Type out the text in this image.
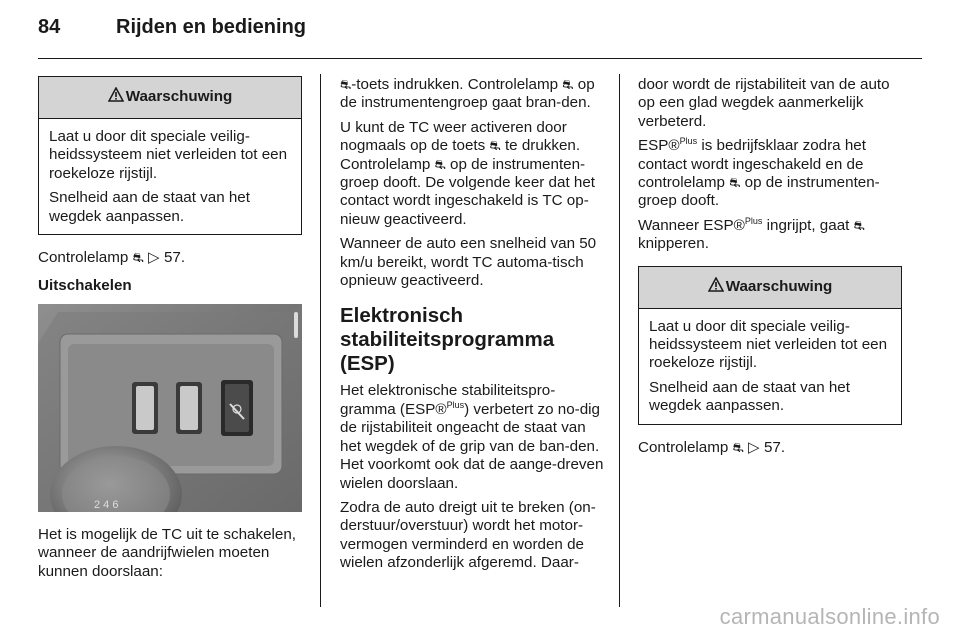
84	Rijden en bediening
Waarschuwing

Laat u door dit speciale veilig-heidssysteem niet verleiden tot een roekeloze rijstijl.

Snelheid aan de staat van het wegdek aanpassen.

Controlelamp ⛐ ▷ 57.

Uitschakelen

2 4 6

Het is mogelijk de TC uit te schakelen, wanneer de aandrijfwielen moeten kunnen doorslaan:

⛐-toets indrukken. Controlelamp ⛐ op de instrumentengroep gaat bran-den.

U kunt de TC weer activeren door nogmaals op de toets ⛐ te drukken. Controlelamp ⛐ op de instrumenten-groep dooft. De volgende keer dat het contact wordt ingeschakeld is TC op-nieuw geactiveerd.

Wanneer de auto een snelheid van 50 km/u bereikt, wordt TC automa-tisch opnieuw geactiveerd.

Elektronisch stabiliteitsprogramma (ESP)

Het elektronische stabiliteitspro-gramma (ESP®$^{Plus}$) verbetert zo no-dig de rijstabiliteit ongeacht de staat van het wegdek of de grip van de ban-den. Het voorkomt ook dat de aange-dreven wielen doorslaan.

Zodra de auto dreigt uit te breken (on-derstuur/overstuur) wordt het motor-vermogen verminderd en worden de wielen afzonderlijk afgeremd. Daar-

door wordt de rijstabiliteit van de auto op een glad wegdek aanmerkelijk verbeterd.

ESP®$^{Plus}$ is bedrijfsklaar zodra het contact wordt ingeschakeld en de controlelamp ⛐ op de instrumenten-groep dooft.

Wanneer ESP®$^{Plus}$ ingrijpt, gaat ⛐ knipperen.

Waarschuwing

Laat u door dit speciale veilig-heidssysteem niet verleiden tot een roekeloze rijstijl.

Snelheid aan de staat van het wegdek aanpassen.

Controlelamp ⛐ ▷ 57.

carmanualsonline.info
